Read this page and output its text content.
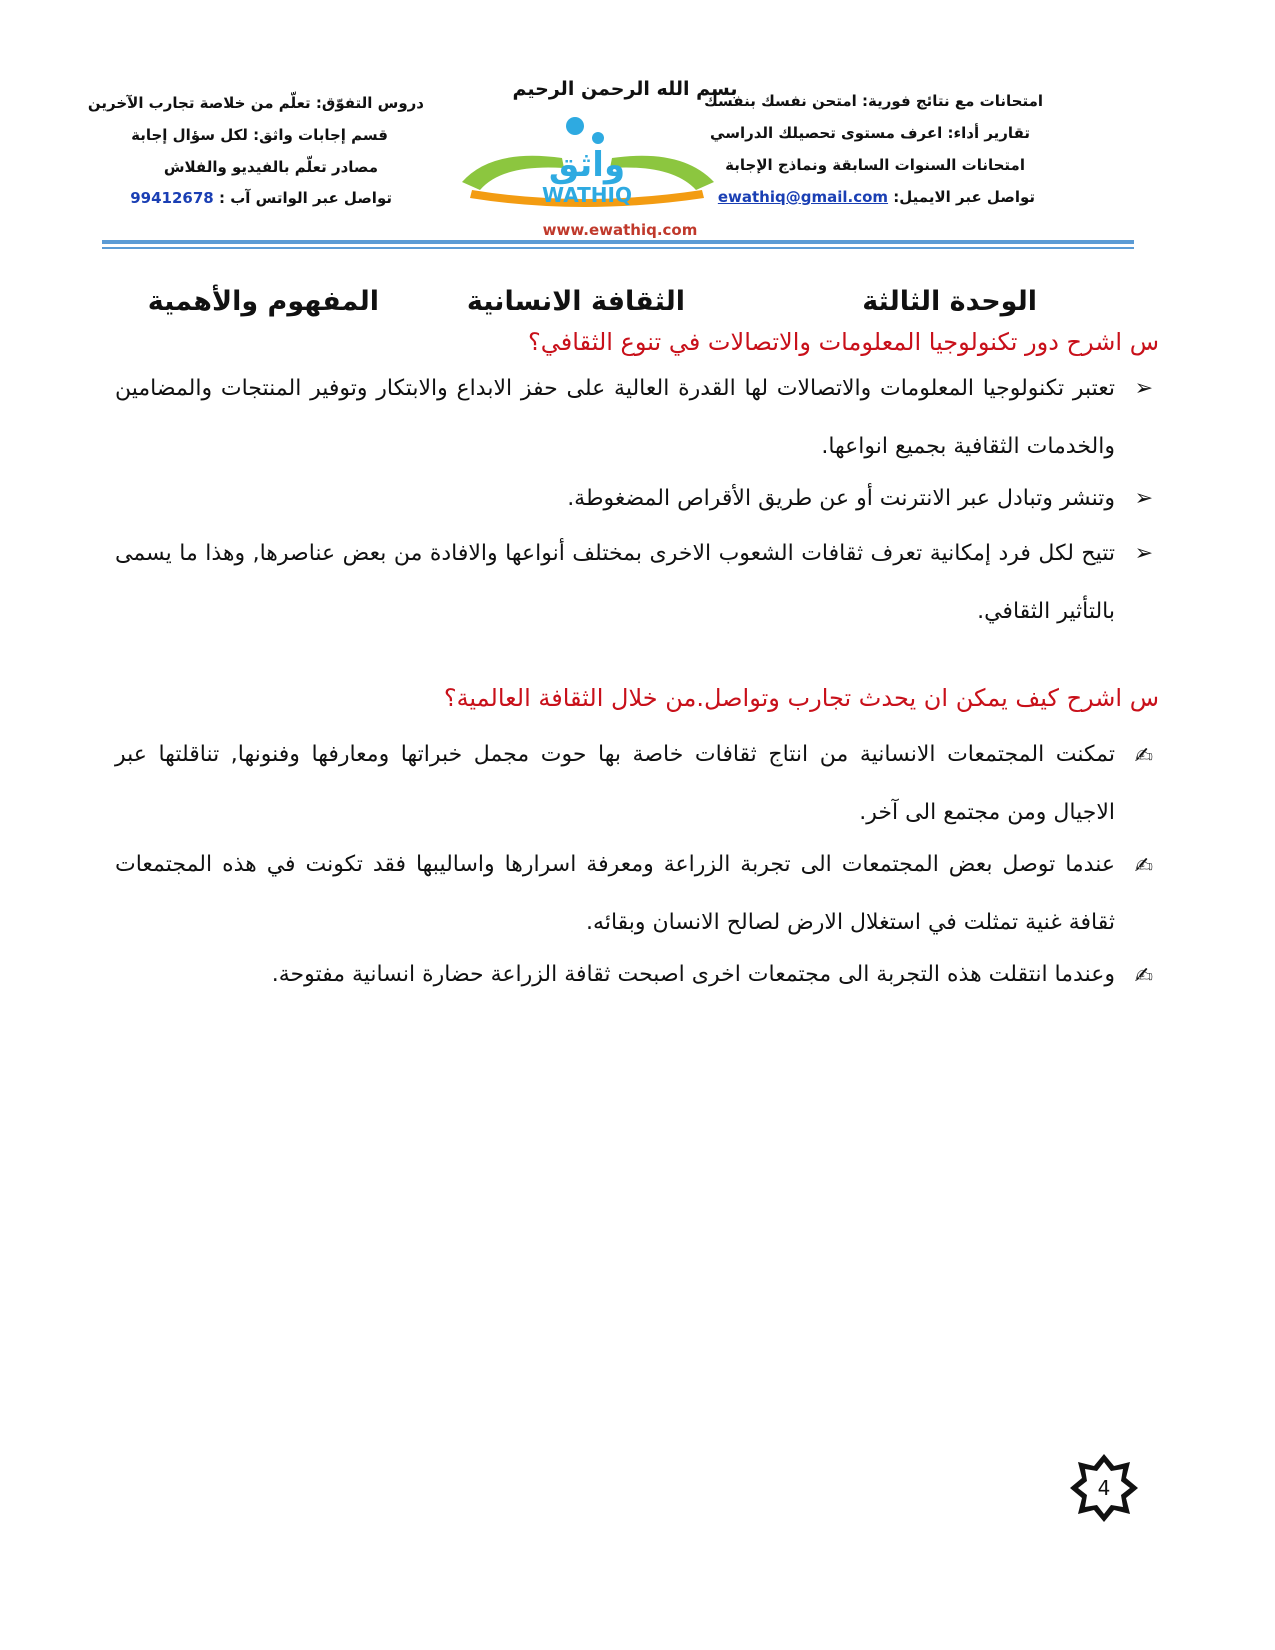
امتحانات مع نتائج فورية: امتحن نفسك بنفسك
تقارير أداء: اعرف مستوى تحصيلك الدراسي
امتحانات السنوات السابقة ونماذج الإجابة
تواصل عبر الايميل: ewathiq@gmail.com
دروس التفوّق: تعلّم من خلاصة تجارب الآخرين
قسم إجابات واثق: لكل سؤال إجابة
مصادر تعلّم بالفيديو والفلاش
تواصل عبر الواتس آب : 99412678
بسم الله الرحمن الرحيم
واثق
WATHIQ
www.ewathiq.com
الوحدة الثالثة
الثقافة الانسانية
المفهوم والأهمية
س اشرح دور تكنولوجيا المعلومات والاتصالات في تنوع الثقافي؟
➢
تعتبر تكنولوجيا المعلومات والاتصالات لها القدرة العالية على حفز الابداع والابتكار وتوفير المنتجات والمضامين والخدمات الثقافية بجميع انواعها.
➢
وتنشر وتبادل عبر الانترنت أو عن طريق الأقراص المضغوطة.
➢
تتيح لكل فرد إمكانية تعرف ثقافات الشعوب الاخرى بمختلف أنواعها والافادة من بعض عناصرها, وهذا ما يسمى بالتأثير الثقافي.
س اشرح كيف يمكن ان يحدث تجارب وتواصل.من خلال الثقافة العالمية؟
✍
تمكنت المجتمعات الانسانية من انتاج ثقافات خاصة بها حوت مجمل خبراتها ومعارفها وفنونها, تناقلتها عبر الاجيال ومن مجتمع الى آخر.
✍
عندما توصل بعض المجتمعات الى تجربة الزراعة ومعرفة اسرارها واساليبها فقد تكونت في هذه المجتمعات ثقافة غنية تمثلت في استغلال الارض لصالح الانسان وبقائه.
✍
وعندما انتقلت هذه التجربة الى مجتمعات اخرى اصبحت ثقافة الزراعة حضارة انسانية مفتوحة.
4
